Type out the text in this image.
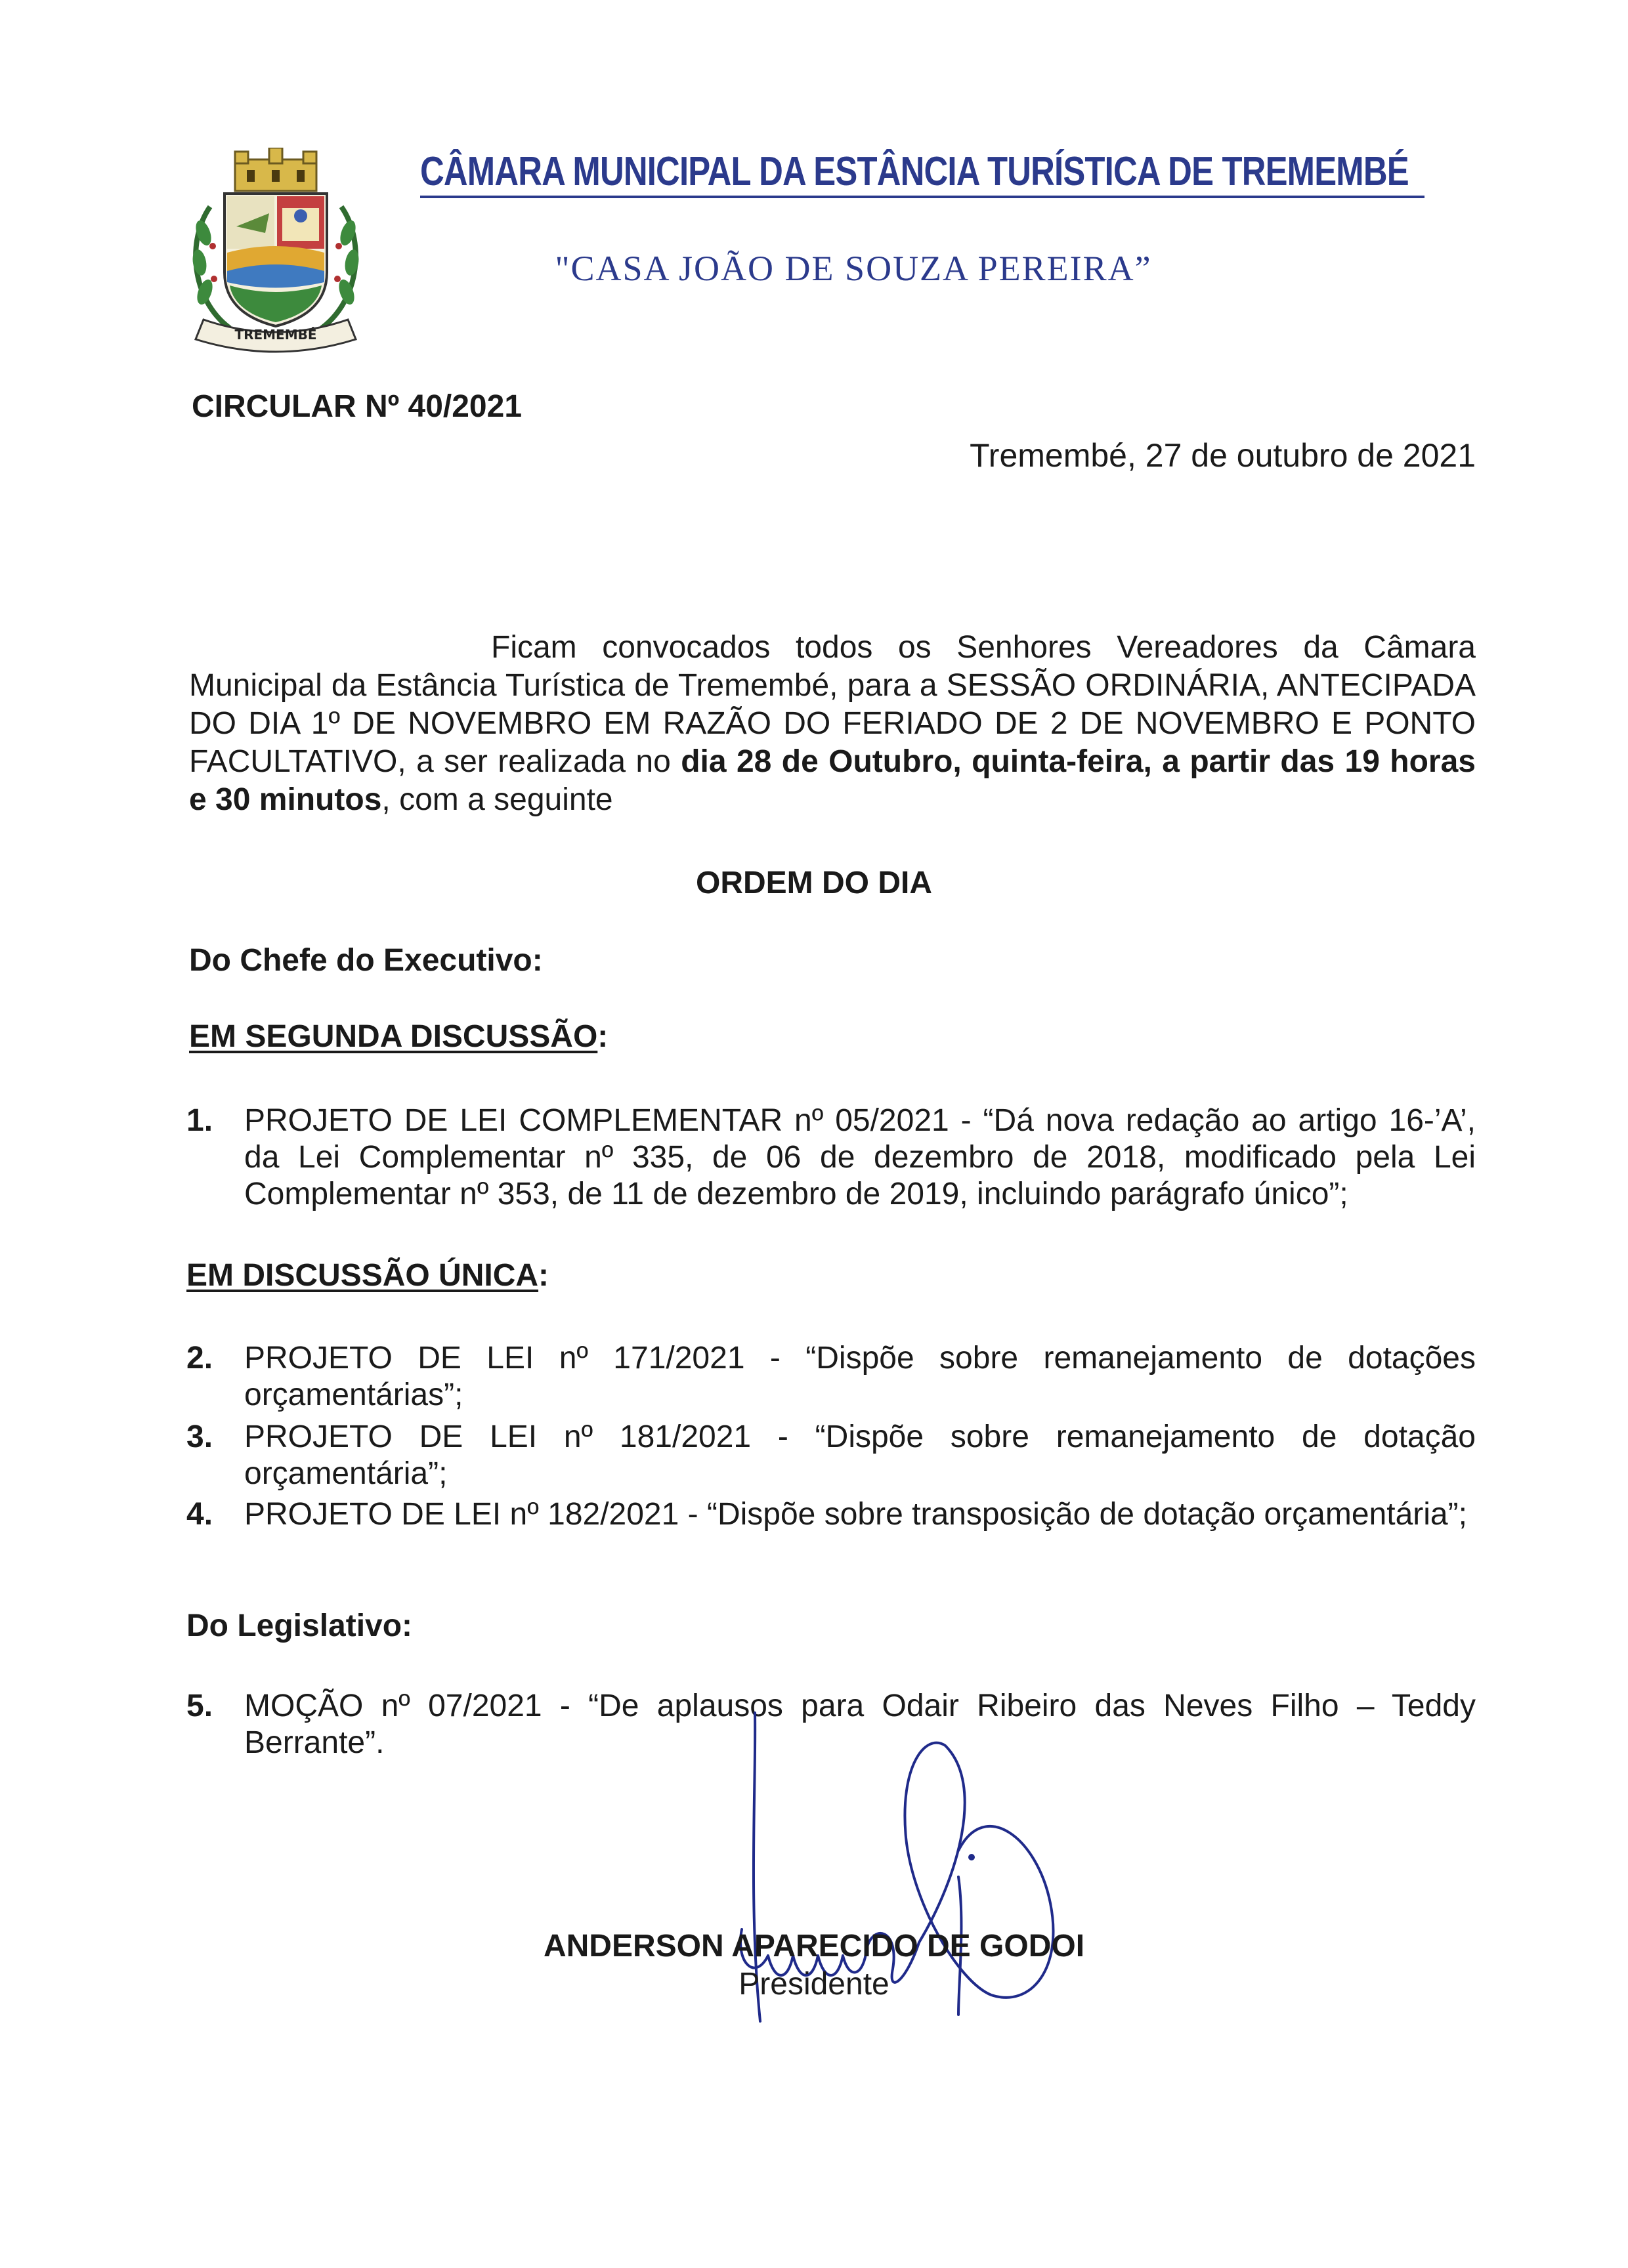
TREMEMBÉ
CÂMARA MUNICIPAL DA ESTÂNCIA TURÍSTICA DE TREMEMBÉ
"CASA JOÃO DE SOUZA PEREIRA”
CIRCULAR Nº 40/2021
Tremembé, 27 de outubro de 2021
Ficam convocados todos os Senhores Vereadores da Câmara Municipal da Estância Turística de Tremembé, para a SESSÃO ORDINÁRIA, ANTECIPADA DO DIA 1º DE NOVEMBRO EM RAZÃO DO FERIADO DE 2 DE NOVEMBRO E PONTO FACULTATIVO, a ser realizada no dia 28 de Outubro, quinta-feira, a partir das 19 horas e 30 minutos, com a seguinte
ORDEM DO DIA
Do Chefe do Executivo:
EM SEGUNDA DISCUSSÃO:
1. PROJETO DE LEI COMPLEMENTAR nº 05/2021 - “Dá nova redação ao artigo 16-’A’, da Lei Complementar nº 335, de 06 de dezembro de 2018, modificado pela Lei Complementar nº 353, de 11 de dezembro de 2019, incluindo parágrafo único”;
EM DISCUSSÃO ÚNICA:
2. PROJETO DE LEI nº 171/2021 - “Dispõe sobre remanejamento de dotações orçamentárias”;
3. PROJETO DE LEI nº 181/2021 - “Dispõe sobre remanejamento de dotação orçamentária”;
4. PROJETO DE LEI nº 182/2021 - “Dispõe sobre transposição de dotação orçamentária”;
Do Legislativo:
5. MOÇÃO nº 07/2021 - “De aplausos para Odair Ribeiro das Neves Filho – Teddy Berrante”.
ANDERSON APARECIDO DE GODOI
Presidente
